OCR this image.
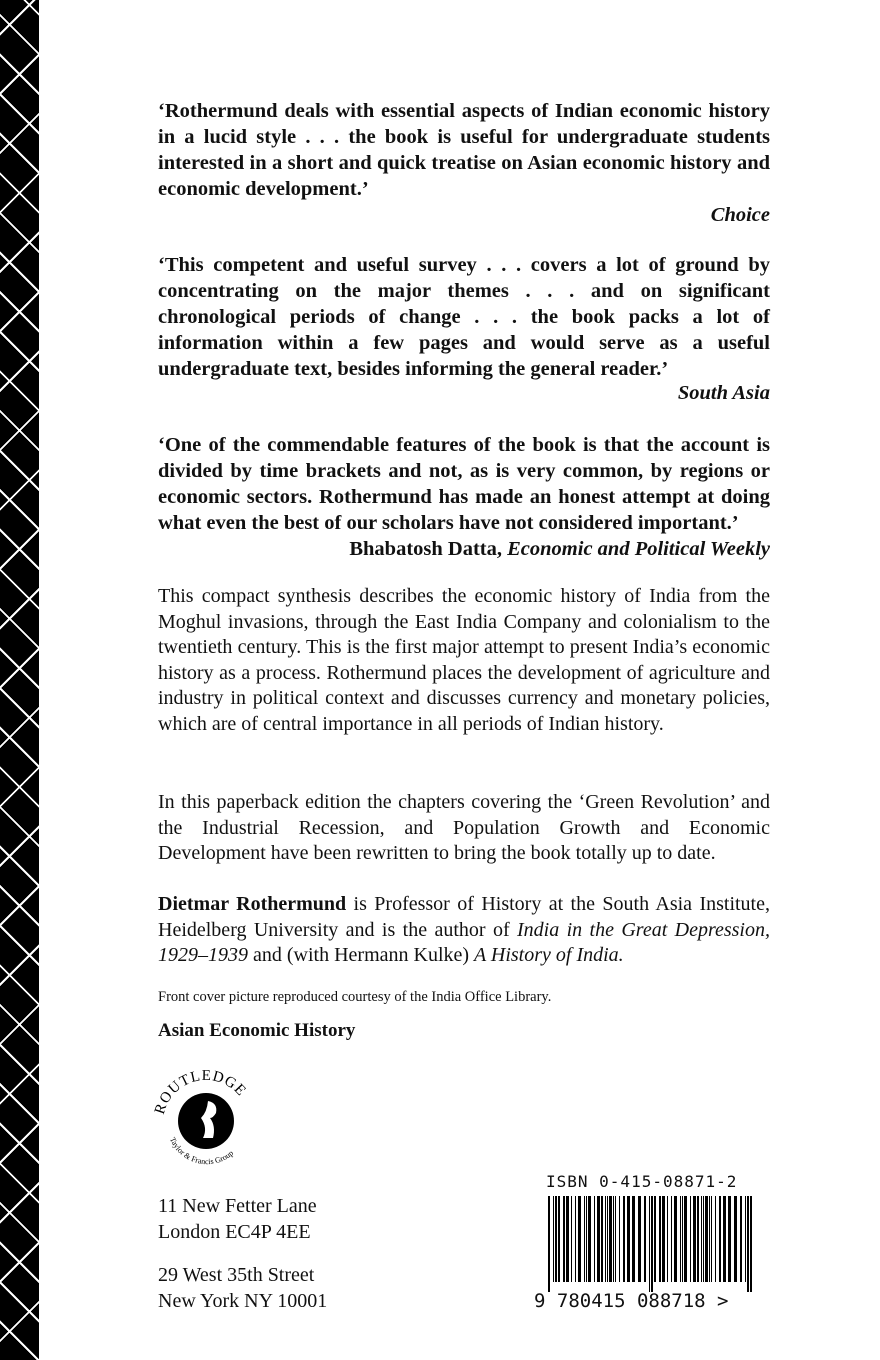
‘Rothermund deals with essential aspects of Indian economic history in a lucid style . . . the book is useful for undergraduate students interested in a short and quick treatise on Asian economic history and economic development.’
Choice
‘This competent and useful survey . . . covers a lot of ground by concentrating on the major themes . . . and on significant chronological periods of change . . . the book packs a lot of information within a few pages and would serve as a useful undergraduate text, besides informing the general reader.’
South Asia
‘One of the commendable features of the book is that the account is divided by time brackets and not, as is very common, by regions or economic sectors. Rothermund has made an honest attempt at doing what even the best of our scholars have not considered important.’
Bhabatosh Datta, Economic and Political Weekly
This compact synthesis describes the economic history of India from the Moghul invasions, through the East India Company and colonialism to the twentieth century. This is the first major attempt to present India’s economic history as a process. Rothermund places the development of agriculture and industry in political context and discusses currency and monetary policies, which are of central importance in all periods of Indian history.
In this paperback edition the chapters covering the ‘Green Revolution’ and the Industrial Recession, and Population Growth and Economic Development have been rewritten to bring the book totally up to date.
Dietmar Rothermund is Professor of History at the South Asia Institute, Heidelberg University and is the author of India in the Great Depression, 1929–1939 and (with Hermann Kulke) A History of India.
Front cover picture reproduced courtesy of the India Office Library.
Asian Economic History
ROUTLEDGE
Taylor & Francis Group
11 New Fetter Lane
London EC4P 4EE
29 West 35th Street
New York NY 10001
ISBN 0-415-08871-2
9 780415 088718 >
